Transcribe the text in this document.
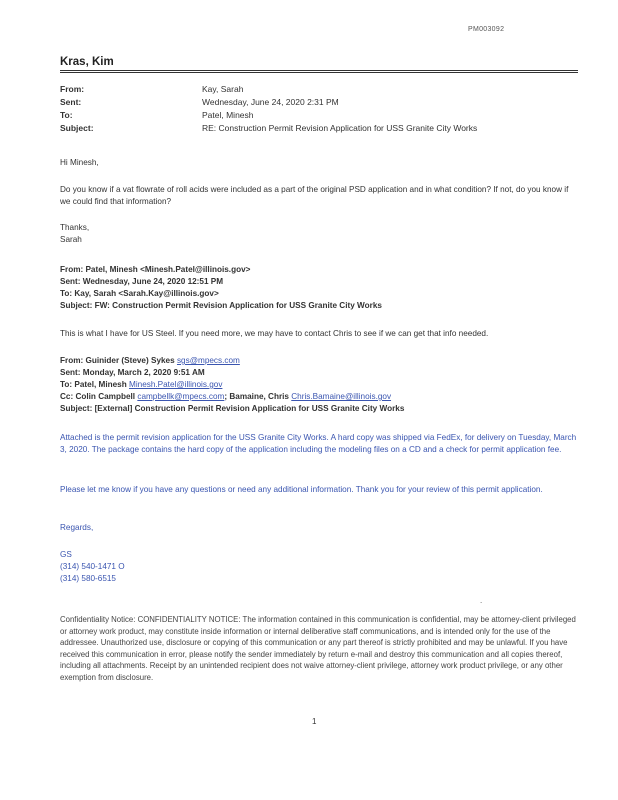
PM003092
Kras, Kim
From:	Kay, Sarah
Sent:	Wednesday, June 24, 2020 2:31 PM
To:	Patel, Minesh
Subject:	RE: Construction Permit Revision Application for USS Granite City Works
Hi Minesh,
Do you know if a vat flowrate of roll acids were included as a part of the original PSD application and in what condition? If not, do you know if we could find that information?
Thanks,
Sarah
From: Patel, Minesh <Minesh.Patel@illinois.gov>
Sent: Wednesday, June 24, 2020 12:51 PM
To: Kay, Sarah <Sarah.Kay@illinois.gov>
Subject: FW: Construction Permit Revision Application for USS Granite City Works
This is what I have for US Steel. If you need more, we may have to contact Chris to see if we can get that info needed.
From: Guinider (Steve) Sykes sgs@mpecs.com
Sent: Monday, March 2, 2020 9:51 AM
To: Patel, Minesh Minesh.Patel@illinois.gov
Cc: Colin Campbell campbellk@mpecs.com; Bamaine, Chris Chris.Bamaine@illinois.gov
Subject: [External] Construction Permit Revision Application for USS Granite City Works
Attached is the permit revision application for the USS Granite City Works. A hard copy was shipped via FedEx, for delivery on Tuesday, March 3, 2020. The package contains the hard copy of the application including the modeling files on a CD and a check for permit application fee.
Please let me know if you have any questions or need any additional information. Thank you for your review of this permit application.
Regards,
GS
(314) 540-1471 O
(314) 580-6515
.
Confidentiality Notice: CONFIDENTIALITY NOTICE: The information contained in this communication is confidential, may be attorney-client privileged or attorney work product, may constitute inside information or internal deliberative staff communications, and is intended only for the use of the addressee. Unauthorized use, disclosure or copying of this communication or any part thereof is strictly prohibited and may be unlawful. If you have received this communication in error, please notify the sender immediately by return e-mail and destroy this communication and all copies thereof, including all attachments. Receipt by an unintended recipient does not waive attorney-client privilege, attorney work product privilege, or any other exemption from disclosure.
1
